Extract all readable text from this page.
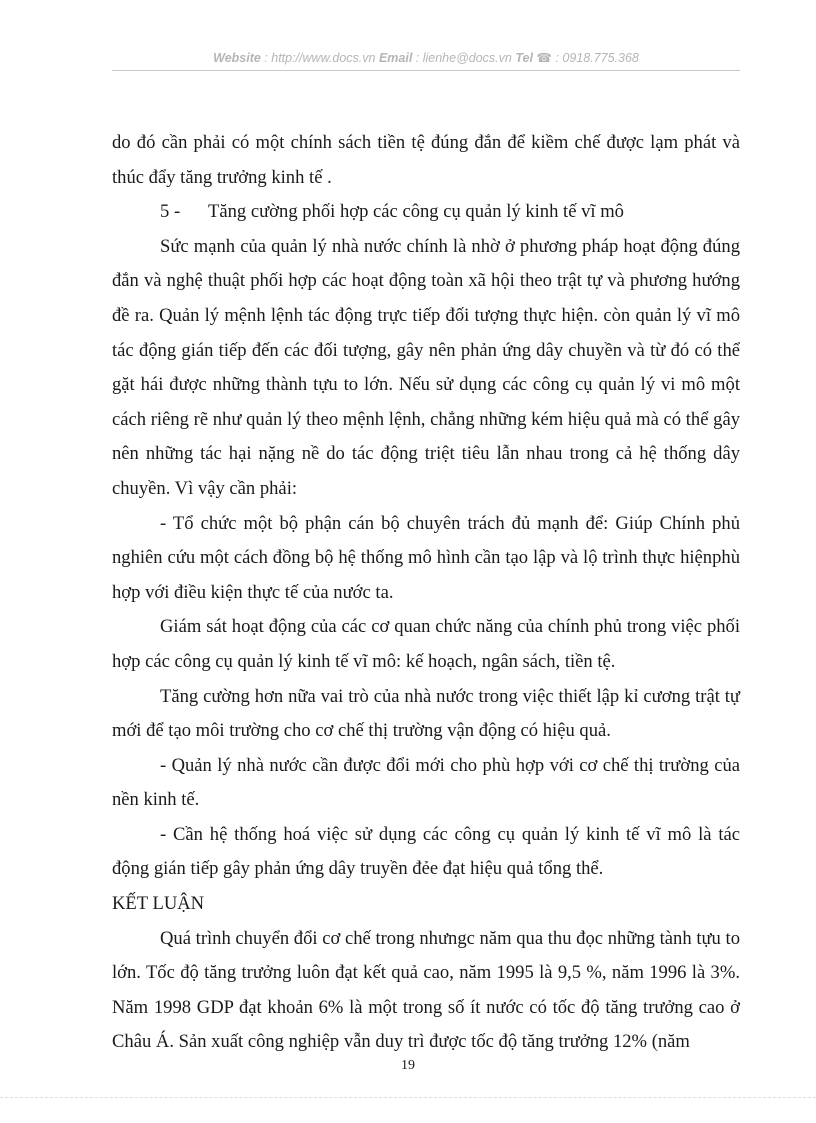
Website : http://www.docs.vn Email : lienhe@docs.vn Tel ☎ : 0918.775.368

do đó cần phải có một chính sách tiền tệ đúng đắn để kiềm chế được lạm phát và thúc đẩy tăng trưởng kinh tế .

5 - Tăng cường phối hợp các công cụ quản lý kinh tế vĩ mô

Sức mạnh của quản lý nhà nước chính là nhờ ở phương pháp hoạt động đúng đắn và nghệ thuật phối hợp các hoạt động toàn xã hội theo trật tự và phương hướng đề ra. Quản lý mệnh lệnh tác động trực tiếp đối tượng thực hiện. còn quản lý vĩ mô tác động gián tiếp đến các đối tượng, gây nên phản ứng dây chuyền và từ đó có thể gặt hái được những thành tựu to lớn. Nếu sử dụng các công cụ quản lý vi mô một cách riêng rẽ như quản lý theo mệnh lệnh, chẳng những kém hiệu quả mà có thể gây nên những tác hại nặng nề do tác động triệt tiêu lẫn nhau trong cả hệ thống dây chuyền. Vì vậy cần phải:

- Tổ chức một bộ phận cán bộ chuyên trách đủ mạnh để: Giúp Chính phủ nghiên cứu một cách đồng bộ hệ thống mô hình cần tạo lập và lộ trình thực hiệnphù hợp với điều kiện thực tế của nước ta.

Giám sát hoạt động của các cơ quan chức năng của chính phủ trong việc phối hợp các công cụ quản lý kinh tế vĩ mô: kế hoạch, ngân sách, tiền tệ.

Tăng cường hơn nữa vai trò của nhà nước trong việc thiết lập kỉ cương trật tự mới để tạo môi trường cho cơ chế thị trường vận động có hiệu quả.

- Quản lý nhà nước cần được đổi mới cho phù hợp với cơ chế thị trường của nền kinh tế.

- Cần hệ thống hoá việc sử dụng các công cụ quản lý kinh tế vĩ mô là tác động gián tiếp gây phản ứng dây truyền đẻe đạt hiệu quả tổng thể.

KẾT LUẬN

Quá trình chuyển đổi cơ chế trong nhưngc năm qua thu đọc những tành tựu to lớn. Tốc độ tăng trưởng luôn đạt kết quả cao, năm 1995 là 9,5 %, năm 1996 là 3%. Năm 1998 GDP đạt khoản 6% là một trong số ít nước có tốc độ tăng trưởng cao ở Châu Á. Sản xuất công nghiệp vẫn duy trì được tốc độ tăng trưởng 12% (năm

19
